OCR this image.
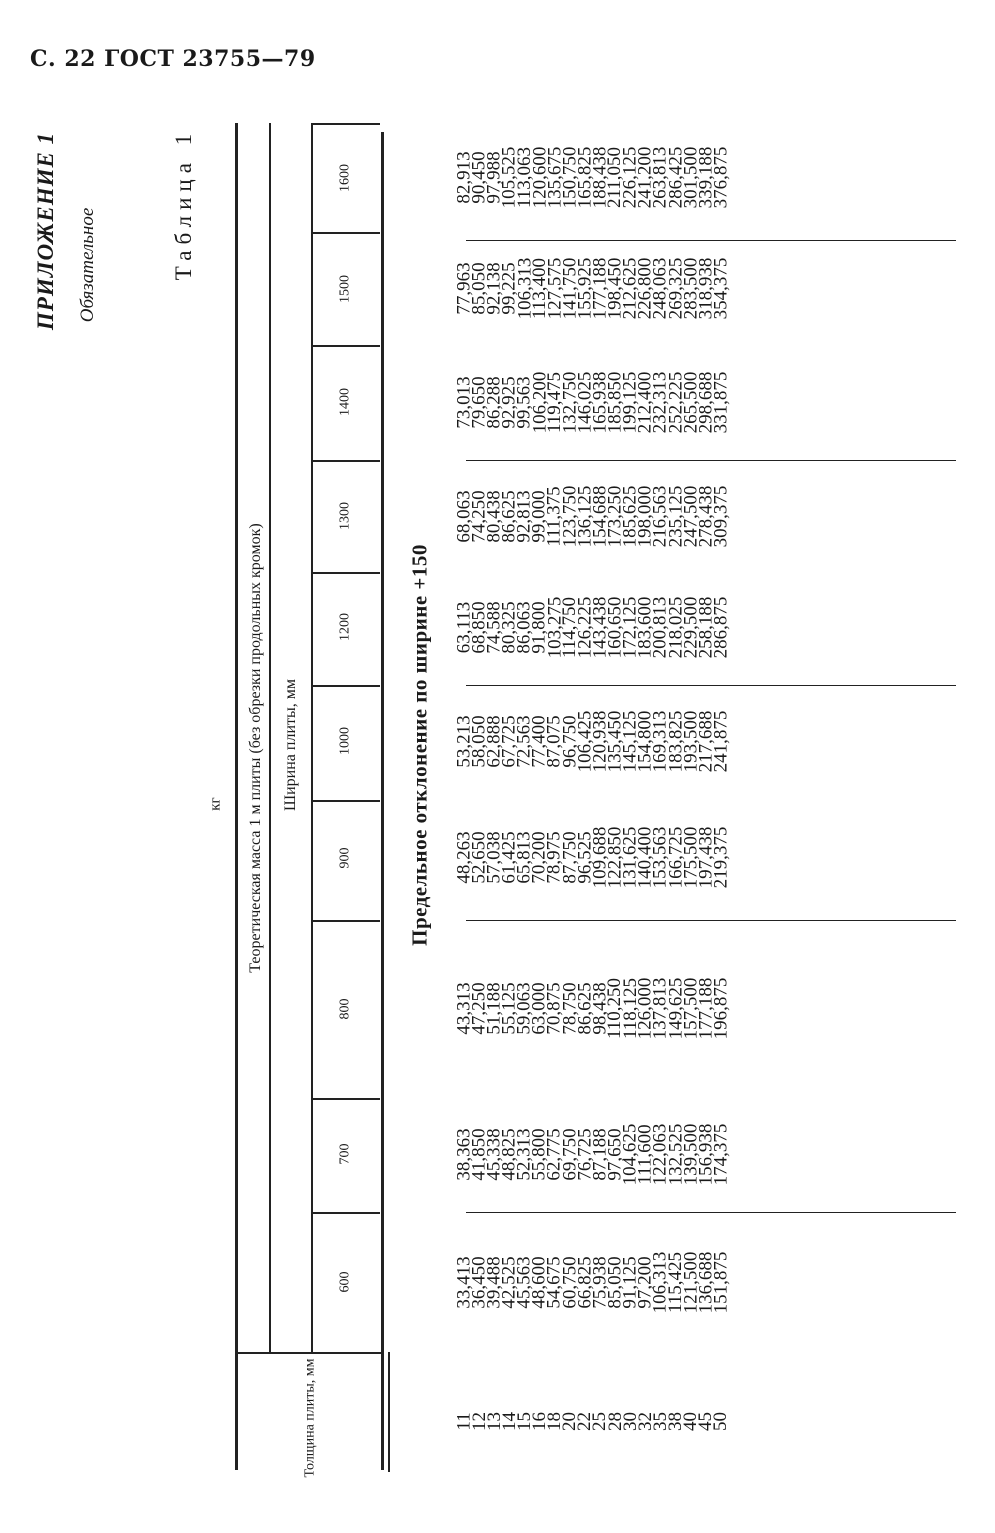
С. 22 ГОСТ 23755—79
ПРИЛОЖЕНИЕ 1 Обязательное	Таблица 1
кг
Толщина плиты, мм
Теоретическая масса 1 м плиты (без обрезки продольных кромок) Ширина плиты, мм	Предельное отклонение по ширине +150
600
700
800
900
1000
1200
1300
1400
1500
1600
11
12
13
14
15
16
18
20
22
25
28
30
32
35
38
40
45
50
33,413
36,450
39,488
42,525
45,563
48,600
54,675
60,750
66,825
75,938
85,050
91,125
97,200
106,313
115,425
121,500
136,688
151,875
38,363
41,850
45,338
48,825
52,313
55,800
62,775
69,750
76,725
87,188
97,650
104,625
111,600
122,063
132,525
139,500
156,938
174,375
43,313
47,250
51,188
55,125
59,063
63,000
70,875
78,750
86,625
98,438
110,250
118,125
126,000
137,813
149,625
157,500
177,188
196,875
48,263
52,650
57,038
61,425
65,813
70,200
78,975
87,750
96,525
109,688
122,850
131,625
140,400
153,563
166,725
175,500
197,438
219,375
53,213
58,050
62,888
67,725
72,563
77,400
87,075
96,750
106,425
120,938
135,450
145,125
154,800
169,313
183,825
193,500
217,688
241,875
63,113
68,850
74,588
80,325
86,063
91,800
103,275
114,750
126,225
143,438
160,650
172,125
183,600
200,813
218,025
229,500
258,188
286,875
68,063
74,250
80,438
86,625
92,813
99,000
111,375
123,750
136,125
154,688
173,250
185,625
198,000
216,563
235,125
247,500
278,438
309,375
73,013
79,650
86,288
92,925
99,563
106,200
119,475
132,750
146,025
165,938
185,850
199,125
212,400
232,313
252,225
265,500
298,688
331,875
77,963
85,050
92,138
99,225
106,313
113,400
127,575
141,750
155,925
177,188
198,450
212,625
226,800
248,063
269,325
283,500
318,938
354,375
82,913
90,450
97,988
105,525
113,063
120,600
135,675
150,750
165,825
188,438
211,050
226,125
241,200
263,813
286,425
301,500
339,188
376,875
